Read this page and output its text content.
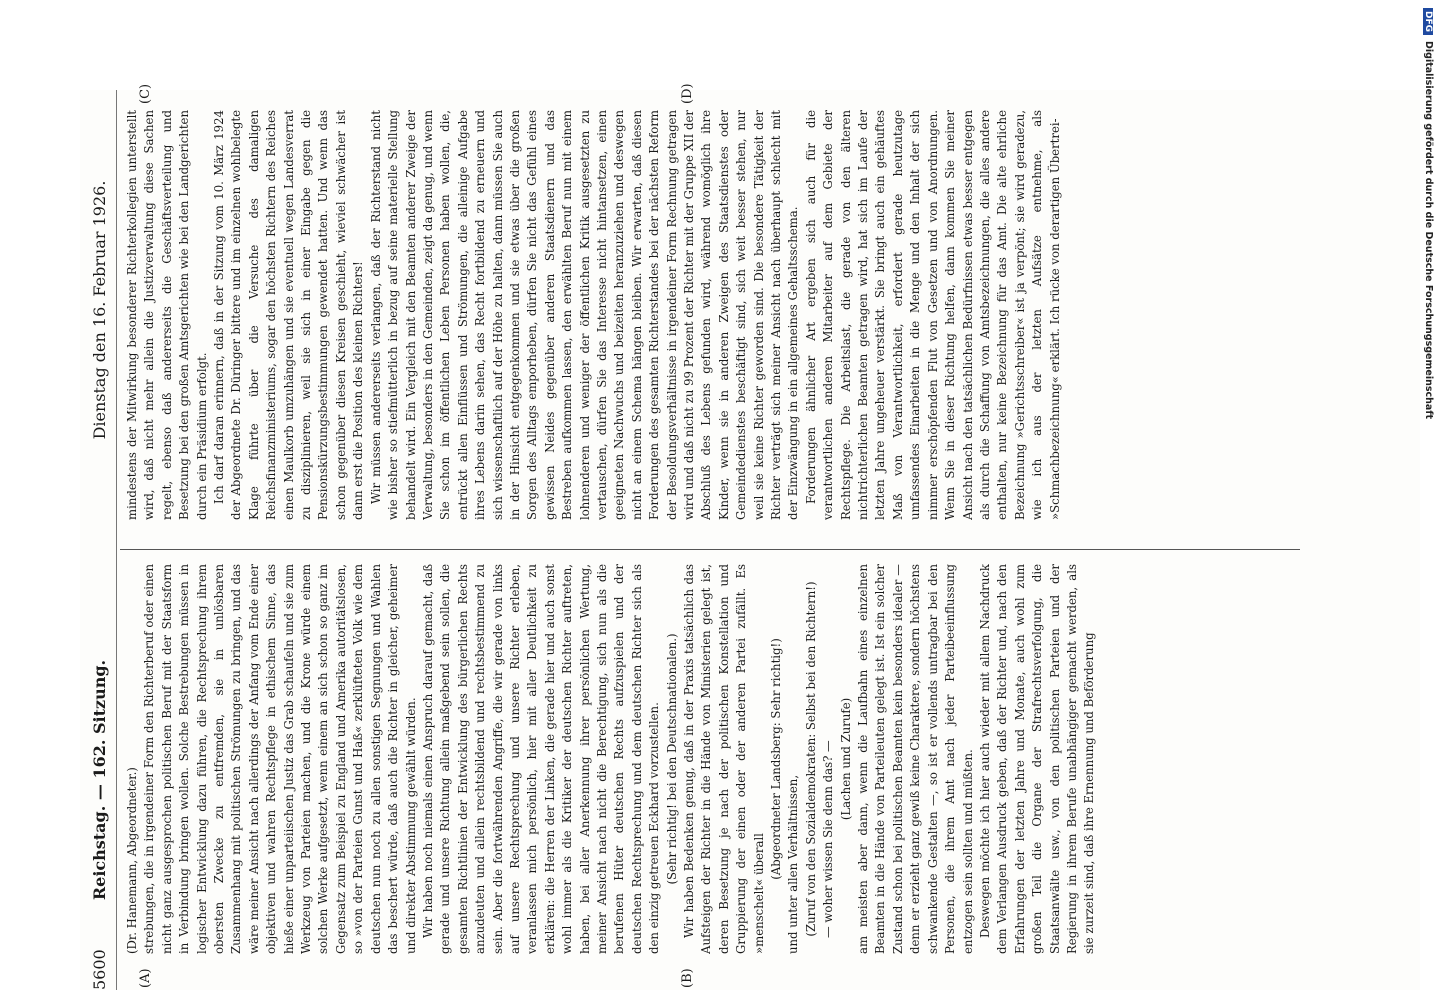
5600
Reichstag. — 162. Sitzung.
Dienstag den 16. Februar 1926.
(A)	(B)
(C)	(D)

(Dr. Hanemann, Abgeordneter.) strebungen, die in irgendeiner Form den Richterberuf oder einen nicht ganz ausgesprochen politischen Beruf mit der Staatsform in Verbindung bringen wollen. Solche Bestrebungen müssen in logischer Entwicklung dazu führen, die Rechtsprechung ihrem obersten Zwecke zu entfremden, sie in unlösbaren Zusammenhang mit politischen Strömungen zu bringen, und das wäre meiner Ansicht nach allerdings der Anfang vom Ende einer objektiven und wahren Rechtspflege in ethischem Sinne, das hieße einer unparteiischen Justiz das Grab schaufeln und sie zum Werkzeug von Parteien machen, und die Krone würde einem solchen Werke aufgesetzt, wenn einem an sich schon so ganz im Gegensatz zum Beispiel zu England und Amerika autoritätslosen, so »von der Parteien Gunst und Haß« zerklüfteten Volk wie dem deutschen nun noch zu allen sonstigen Segnungen und Wahlen das beschert würde, daß auch die Richter in gleicher, geheimer und direkter Abstimmung gewählt würden. Wir haben noch niemals einen Anspruch darauf gemacht, daß gerade und unsere Richtung allein maßgebend sein sollen, die gesamten Richtlinien der Entwicklung des bürgerlichen Rechts anzudeuten und allein rechtsbildend und rechtsbestimmend zu sein. Aber die fortwährenden Angriffe, die wir gerade von links auf unsere Rechtsprechung und unsere Richter erleben, veranlassen mich persönlich, hier mit aller Deutlichkeit zu erklären: die Herren der Linken, die gerade hier und auch sonst wohl immer als die Kritiker der deutschen Richter auftreten, haben, bei aller Anerkennung ihrer persönlichen Wertung, meiner Ansicht nach nicht die Berechtigung, sich nun als die berufenen Hüter deutschen Rechts aufzuspielen und der deutschen Rechtsprechung und dem deutschen Richter sich als den einzig getreuen Eckhard vorzustellen. (Sehr richtig! bei den Deutschnationalen.) Wir haben Bedenken genug, daß in der Praxis tatsächlich das Aufsteigen der Richter in die Hände von Ministerien gelegt ist, deren Besetzung je nach der politischen Konstellation und Gruppierung der einen oder der anderen Partei zufällt. Es »menschelt« überall

(Abgeordneter Landsberg: Sehr richtig!) und unter allen Verhältnissen, (Zuruf von den Sozialdemokraten: Selbst bei den Richtern!) — woher wissen Sie denn das? — (Lachen und Zurufe) am meisten aber dann, wenn die Laufbahn eines einzelnen Beamten in die Hände von Parteileuten gelegt ist. Ist ein solcher Zustand schon bei politischen Beamten kein besonders idealer — denn er erzieht ganz gewiß keine Charaktere, sondern höchstens schwankende Gestalten —, so ist er vollends untragbar bei den Personen, die ihrem Amt nach jeder Parteibeeinflussung entzogen sein sollten und müßten. Deswegen möchte ich hier auch wieder mit allem Nachdruck dem Verlangen Ausdruck geben, daß der Richter und, nach den Erfahrungen der letzten Jahre und Monate, auch wohl zum großen Teil die Organe der Strafrechtsverfolgung, die Staatsanwälte usw., von den politischen Parteien und der Regierung in ihrem Berufe unabhängiger gemacht werden, als sie zurzeit sind, daß ihre Ernennung und Beförderung

mindestens der Mitwirkung besonderer Richterkollegien unterstellt wird, daß nicht mehr allein die Justizverwaltung diese Sachen regelt, ebenso daß andererseits die Geschäftsverteilung und Besetzung bei den großen Amtsgerichten wie bei den Landgerichten durch ein Präsidium erfolgt. Ich darf daran erinnern, daß in der Sitzung vom 10. März 1924 der Abgeordnete Dr. Düringer bittere und im einzelnen wohlbelegte Klage führte über die Versuche des damaligen Reichsfinanzministeriums, sogar den höchsten Richtern des Reiches einen Maulkorb umzuhängen und sie eventuell wegen Landesverrat zu disziplinieren, weil sie sich in einer Eingabe gegen die Pensionskürzungsbestimmungen gewendet hatten. Und wenn das schon gegenüber diesen Kreisen geschieht, wieviel schwächer ist dann erst die Position des kleinen Richters! Wir müssen andererseits verlangen, daß der Richterstand nicht wie bisher so stiefmütterlich in bezug auf seine materielle Stellung behandelt wird. Ein Vergleich mit den Beamten anderer Zweige der Verwaltung, besonders in den Gemeinden, zeigt da genug, und wenn Sie schon im öffentlichen Leben Personen haben wollen, die, entrückt allen Einflüssen und Strömungen, die alleinige Aufgabe ihres Lebens darin sehen, das Recht fortbildend zu erneuern und sich wissenschaftlich auf der Höhe zu halten, dann müssen Sie auch in der Hinsicht entgegenkommen und sie etwas über die großen Sorgen des Alltags emporheben, dürfen Sie nicht das Gefühl eines gewissen Neides gegenüber anderen Staatsdienern und das Bestreben aufkommen lassen, den erwählten Beruf nun mit einem lohnenderen und weniger der öffentlichen Kritik ausgesetzten zu vertauschen, dürfen Sie das Interesse nicht hintansetzen, einen geeigneten Nachwuchs und beizeiten heranzuziehen und deswegen nicht an einem Schema hängen bleiben. Wir erwarten, daß diesen Forderungen des gesamten Richterstandes bei der nächsten Reform der Besoldungsverhältnisse in irgendeiner Form Rechnung getragen wird und daß nicht zu 99 Prozent der Richter mit der Gruppe XII der Abschluß des Lebens gefunden wird, während womöglich ihre Kinder, wenn sie in anderen Zweigen des Staatsdienstes oder Gemeindedienstes beschäftigt sind, sich weit besser stehen, nur weil sie keine Richter geworden sind. Die besondere Tätigkeit der Richter verträgt sich meiner Ansicht nach überhaupt schlecht mit der Einzwängung in ein allgemeines Gehaltsschema. Forderungen ähnlicher Art ergeben sich auch für die verantwortlichen anderen Mitarbeiter auf dem Gebiete der Rechtspflege. Die Arbeitslast, die gerade von den älteren nichtrichterlichen Beamten getragen wird, hat sich im Laufe der letzten Jahre ungeheuer verstärkt. Sie bringt auch ein gehäuftes Maß von Verantwortlichkeit, erfordert gerade heutzutage umfassendes Einarbeiten in die Menge und den Inhalt der sich nimmer erschöpfenden Flut von Gesetzen und von Anordnungen. Wenn Sie in dieser Richtung helfen, dann kommen Sie meiner Ansicht nach den tatsächlichen Bedürfnissen etwas besser entgegen als durch die Schaffung von Amtsbezeichnungen, die alles andere enthalten, nur keine Bezeichnung für das Amt. Die alte ehrliche Bezeichnung »Gerichtsschreiber« ist ja verpönt; sie wird geradezu, wie ich aus der letzten Aufsätze entnehme, als »Schmachbezeichnung« erklärt. Ich rücke von derartigen Übertrei-

DFGDigitalisierung gefördert durch die Deutsche Forschungsgemeinschaft
